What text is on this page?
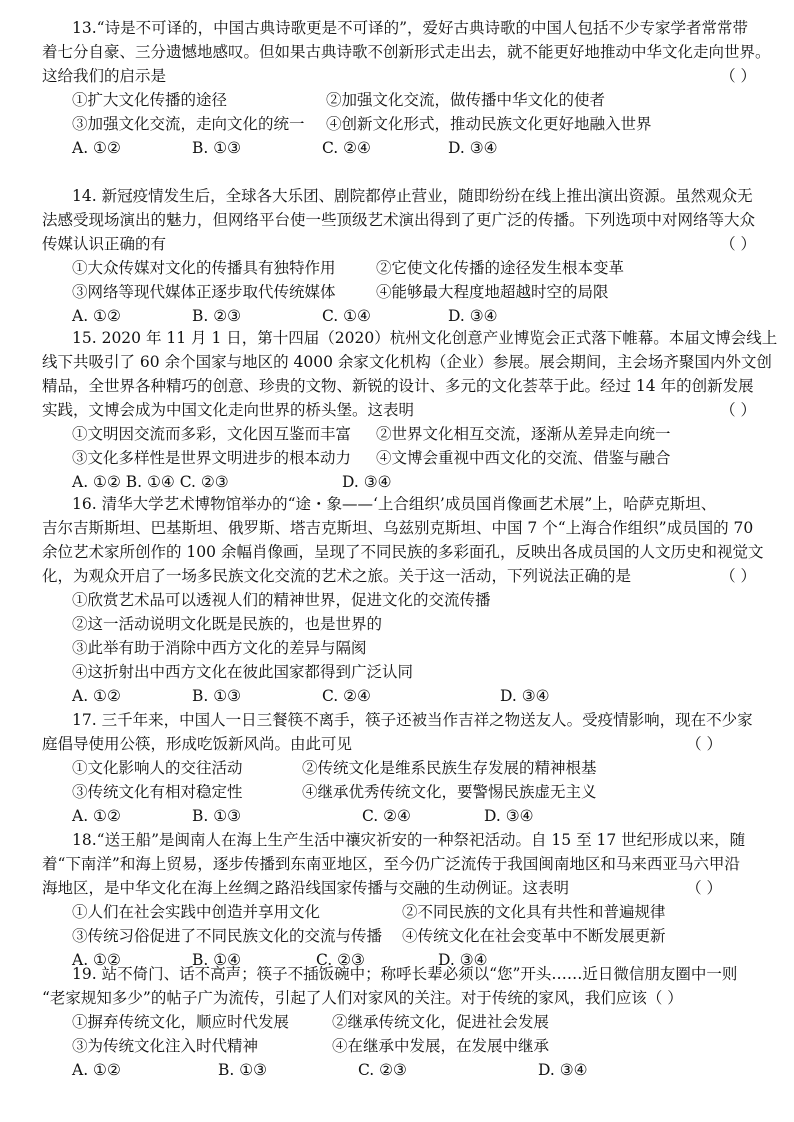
13.“诗是不可译的，中国古典诗歌更是不可译的”，爱好古典诗歌的中国人包括不少专家学者常常带
着七分自豪、三分遗憾地感叹。但如果古典诗歌不创新形式走出去，就不能更好地推动中华文化走向世界。
这给我们的启示是	（ ）
①扩大文化传播的途径	②加强文化交流，做传播中华文化的使者
③加强文化交流，走向文化的统一 ④创新文化形式，推动民族文化更好地融入世界
A. ①②	B. ①③	C. ②④	D. ③④
14. 新冠疫情发生后，全球各大乐团、剧院都停止营业，随即纷纷在线上推出演出资源。虽然观众无
法感受现场演出的魅力，但网络平台使一些顶级艺术演出得到了更广泛的传播。下列选项中对网络等大众
传媒认识正确的有	（ ）
①大众传媒对文化的传播具有独特作用	②它使文化传播的途径发生根本变革
③网络等现代媒体正逐步取代传统媒体	④能够最大程度地超越时空的局限
A. ①②	B. ②③	C. ①④	D. ③④
15. 2020 年 11 月 1 日，第十四届（2020）杭州文化创意产业博览会正式落下帷幕。本届文博会线上
线下共吸引了 60 余个国家与地区的 4000 余家文化机构（企业）参展。展会期间，主会场齐聚国内外文创
精品，全世界各种精巧的创意、珍贵的文物、新锐的设计、多元的文化荟萃于此。经过 14 年的创新发展
实践，文博会成为中国文化走向世界的桥头堡。这表明	（ ）
①文明因交流而多彩，文化因互鉴而丰富 ②世界文化相互交流，逐渐从差异走向统一
③文化多样性是世界文明进步的根本动力 ④文博会重视中西文化的交流、借鉴与融合
A. ①② B. ①④ C. ②③	D. ③④
16. 清华大学艺术博物馆举办的“途・象——‘上合组织’成员国肖像画艺术展”上，哈萨克斯坦、
吉尔吉斯斯坦、巴基斯坦、俄罗斯、塔吉克斯坦、乌兹别克斯坦、中国 7 个“上海合作组织”成员国的 70
余位艺术家所创作的 100 余幅肖像画，呈现了不同民族的多彩面孔，反映出各成员国的人文历史和视觉文
化，为观众开启了一场多民族文化交流的艺术之旅。关于这一活动，下列说法正确的是	（ ）
①欣赏艺术品可以透视人们的精神世界，促进文化的交流传播
②这一活动说明文化既是民族的，也是世界的
③此举有助于消除中西方文化的差异与隔阂
④这折射出中西方文化在彼此国家都得到广泛认同
A. ①②	B. ①③	C. ②④	D. ③④
17. 三千年来，中国人一日三餐筷不离手，筷子还被当作吉祥之物送友人。受疫情影响，现在不少家
庭倡导使用公筷，形成吃饭新风尚。由此可见	（ ）
①文化影响人的交往活动	②传统文化是维系民族生存发展的精神根基
③传统文化有相对稳定性	④继承优秀传统文化，要警惕民族虚无主义
A. ①②	B. ①③	C. ②④	D. ③④
18.“送王船”是闽南人在海上生产生活中禳灾祈安的一种祭祀活动。自 15 至 17 世纪形成以来，随
着“下南洋”和海上贸易，逐步传播到东南亚地区，至今仍广泛流传于我国闽南地区和马来西亚马六甲沿
海地区，是中华文化在海上丝绸之路沿线国家传播与交融的生动例证。这表明	（ ）
①人们在社会实践中创造并享用文化	②不同民族的文化具有共性和普遍规律
③传统习俗促进了不同民族文化的交流与传播 ④传统文化在社会变革中不断发展更新
A. ①②	B. ①④	C. ②③	D. ③④
19. 站不倚门、话不高声；筷子不插饭碗中；称呼长辈必须以“您”开头……近日微信朋友圈中一则
“老家规知多少”的帖子广为流传，引起了人们对家风的关注。对于传统的家风，我们应该（ ）
①摒弃传统文化，顺应时代发展	②继承传统文化，促进社会发展
③为传统文化注入时代精神	④在继承中发展，在发展中继承
A. ①②	B. ①③	C. ②③	D. ③④
